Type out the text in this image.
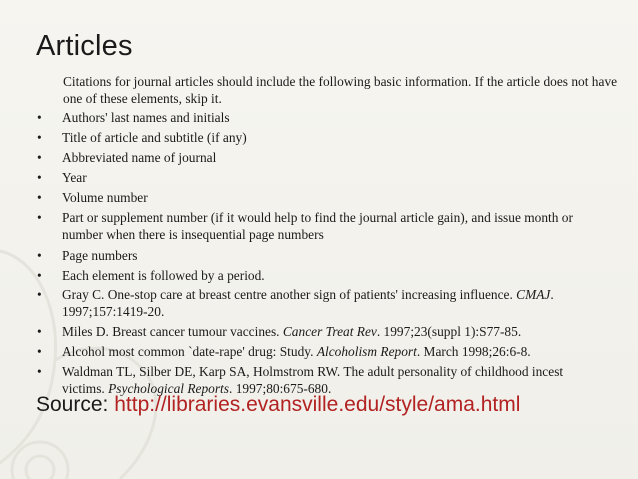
Articles

Citations for journal articles should include the following basic information. If the article does not have one of these elements, skip it.

• Authors' last names and initials
• Title of article and subtitle (if any)
• Abbreviated name of journal
• Year
• Volume number
• Part or supplement number (if it would help to find the journal article gain), and issue month or number when there is insequential page numbers
• Page numbers
• Each element is followed by a period.
• Gray C. One-stop care at breast centre another sign of patients' increasing influence. CMAJ. 1997;157:1419-20.
• Miles D. Breast cancer tumour vaccines. Cancer Treat Rev. 1997;23(suppl 1):S77-85.
• Alcohol most common `date-rape' drug: Study. Alcoholism Report. March 1998;26:6-8.
• Waldman TL, Silber DE, Karp SA, Holmstrom RW. The adult personality of childhood incest victims. Psychological Reports. 1997;80:675-680.
Source: http://libraries.evansville.edu/style/ama.html
